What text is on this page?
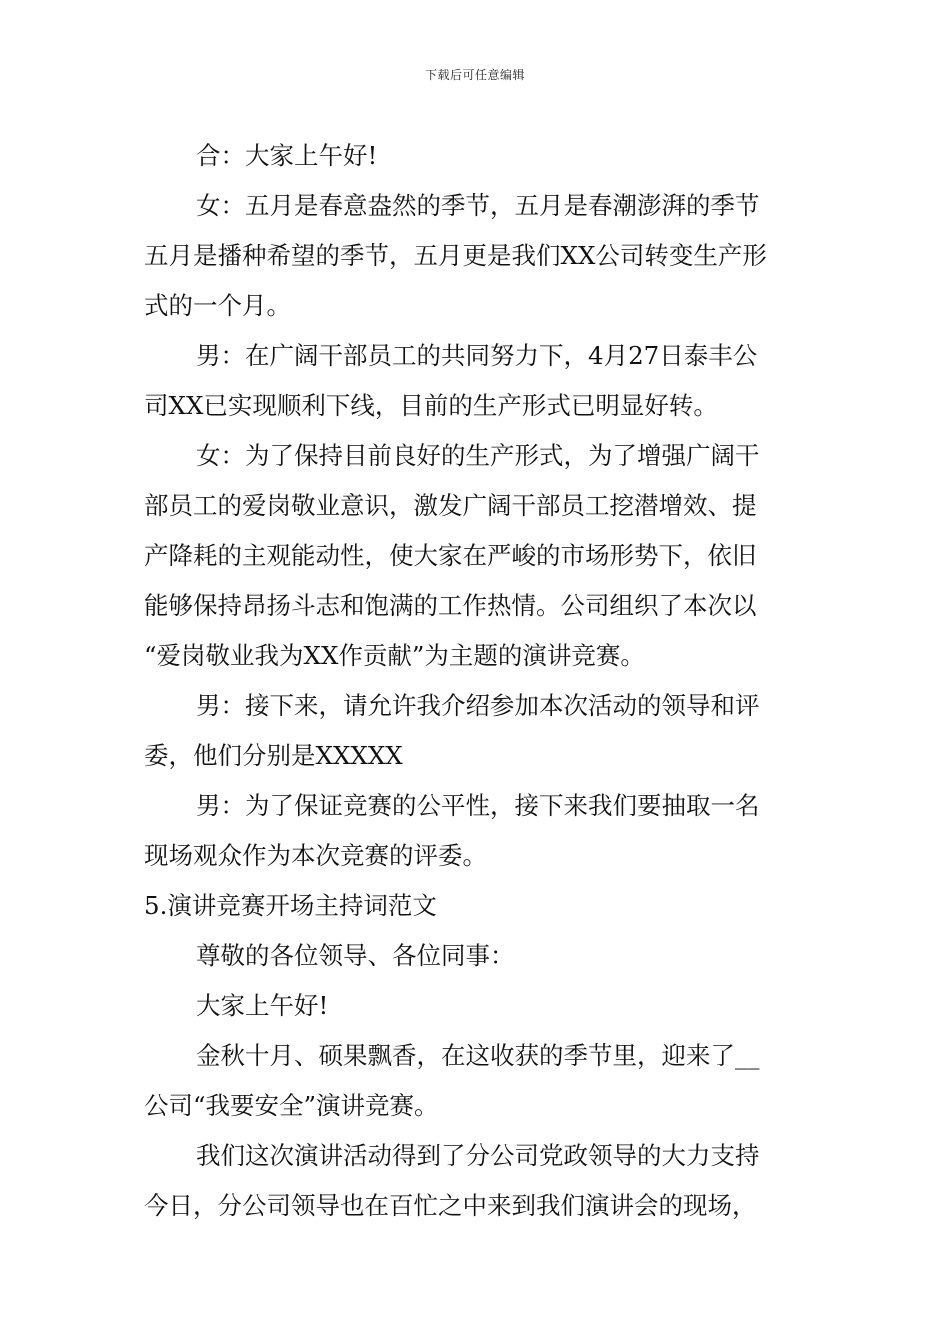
下载后可任意编辑

合：大家上午好!

女：五月是春意盎然的季节，五月是春潮澎湃的季节

五月是播种希望的季节，五月更是我们XX公司转变生产形

式的一个月。

男：在广阔干部员工的共同努力下，4月27日泰丰公

司XX已实现顺利下线，目前的生产形式已明显好转。

女：为了保持目前良好的生产形式，为了增强广阔干

部员工的爱岗敬业意识，激发广阔干部员工挖潜增效、提

产降耗的主观能动性，使大家在严峻的市场形势下，依旧

能够保持昂扬斗志和饱满的工作热情。公司组织了本次以

“爱岗敬业我为XX作贡献”为主题的演讲竞赛。

男：接下来，请允许我介绍参加本次活动的领导和评

委，他们分别是XXXXX

男：为了保证竞赛的公平性，接下来我们要抽取一名

现场观众作为本次竞赛的评委。

5.演讲竞赛开场主持词范文

尊敬的各位领导、各位同事：

大家上午好!

金秋十月、硕果飘香，在这收获的季节里，迎来了__

公司“我要安全”演讲竞赛。

我们这次演讲活动得到了分公司党政领导的大力支持

今日，分公司领导也在百忙之中来到我们演讲会的现场，
